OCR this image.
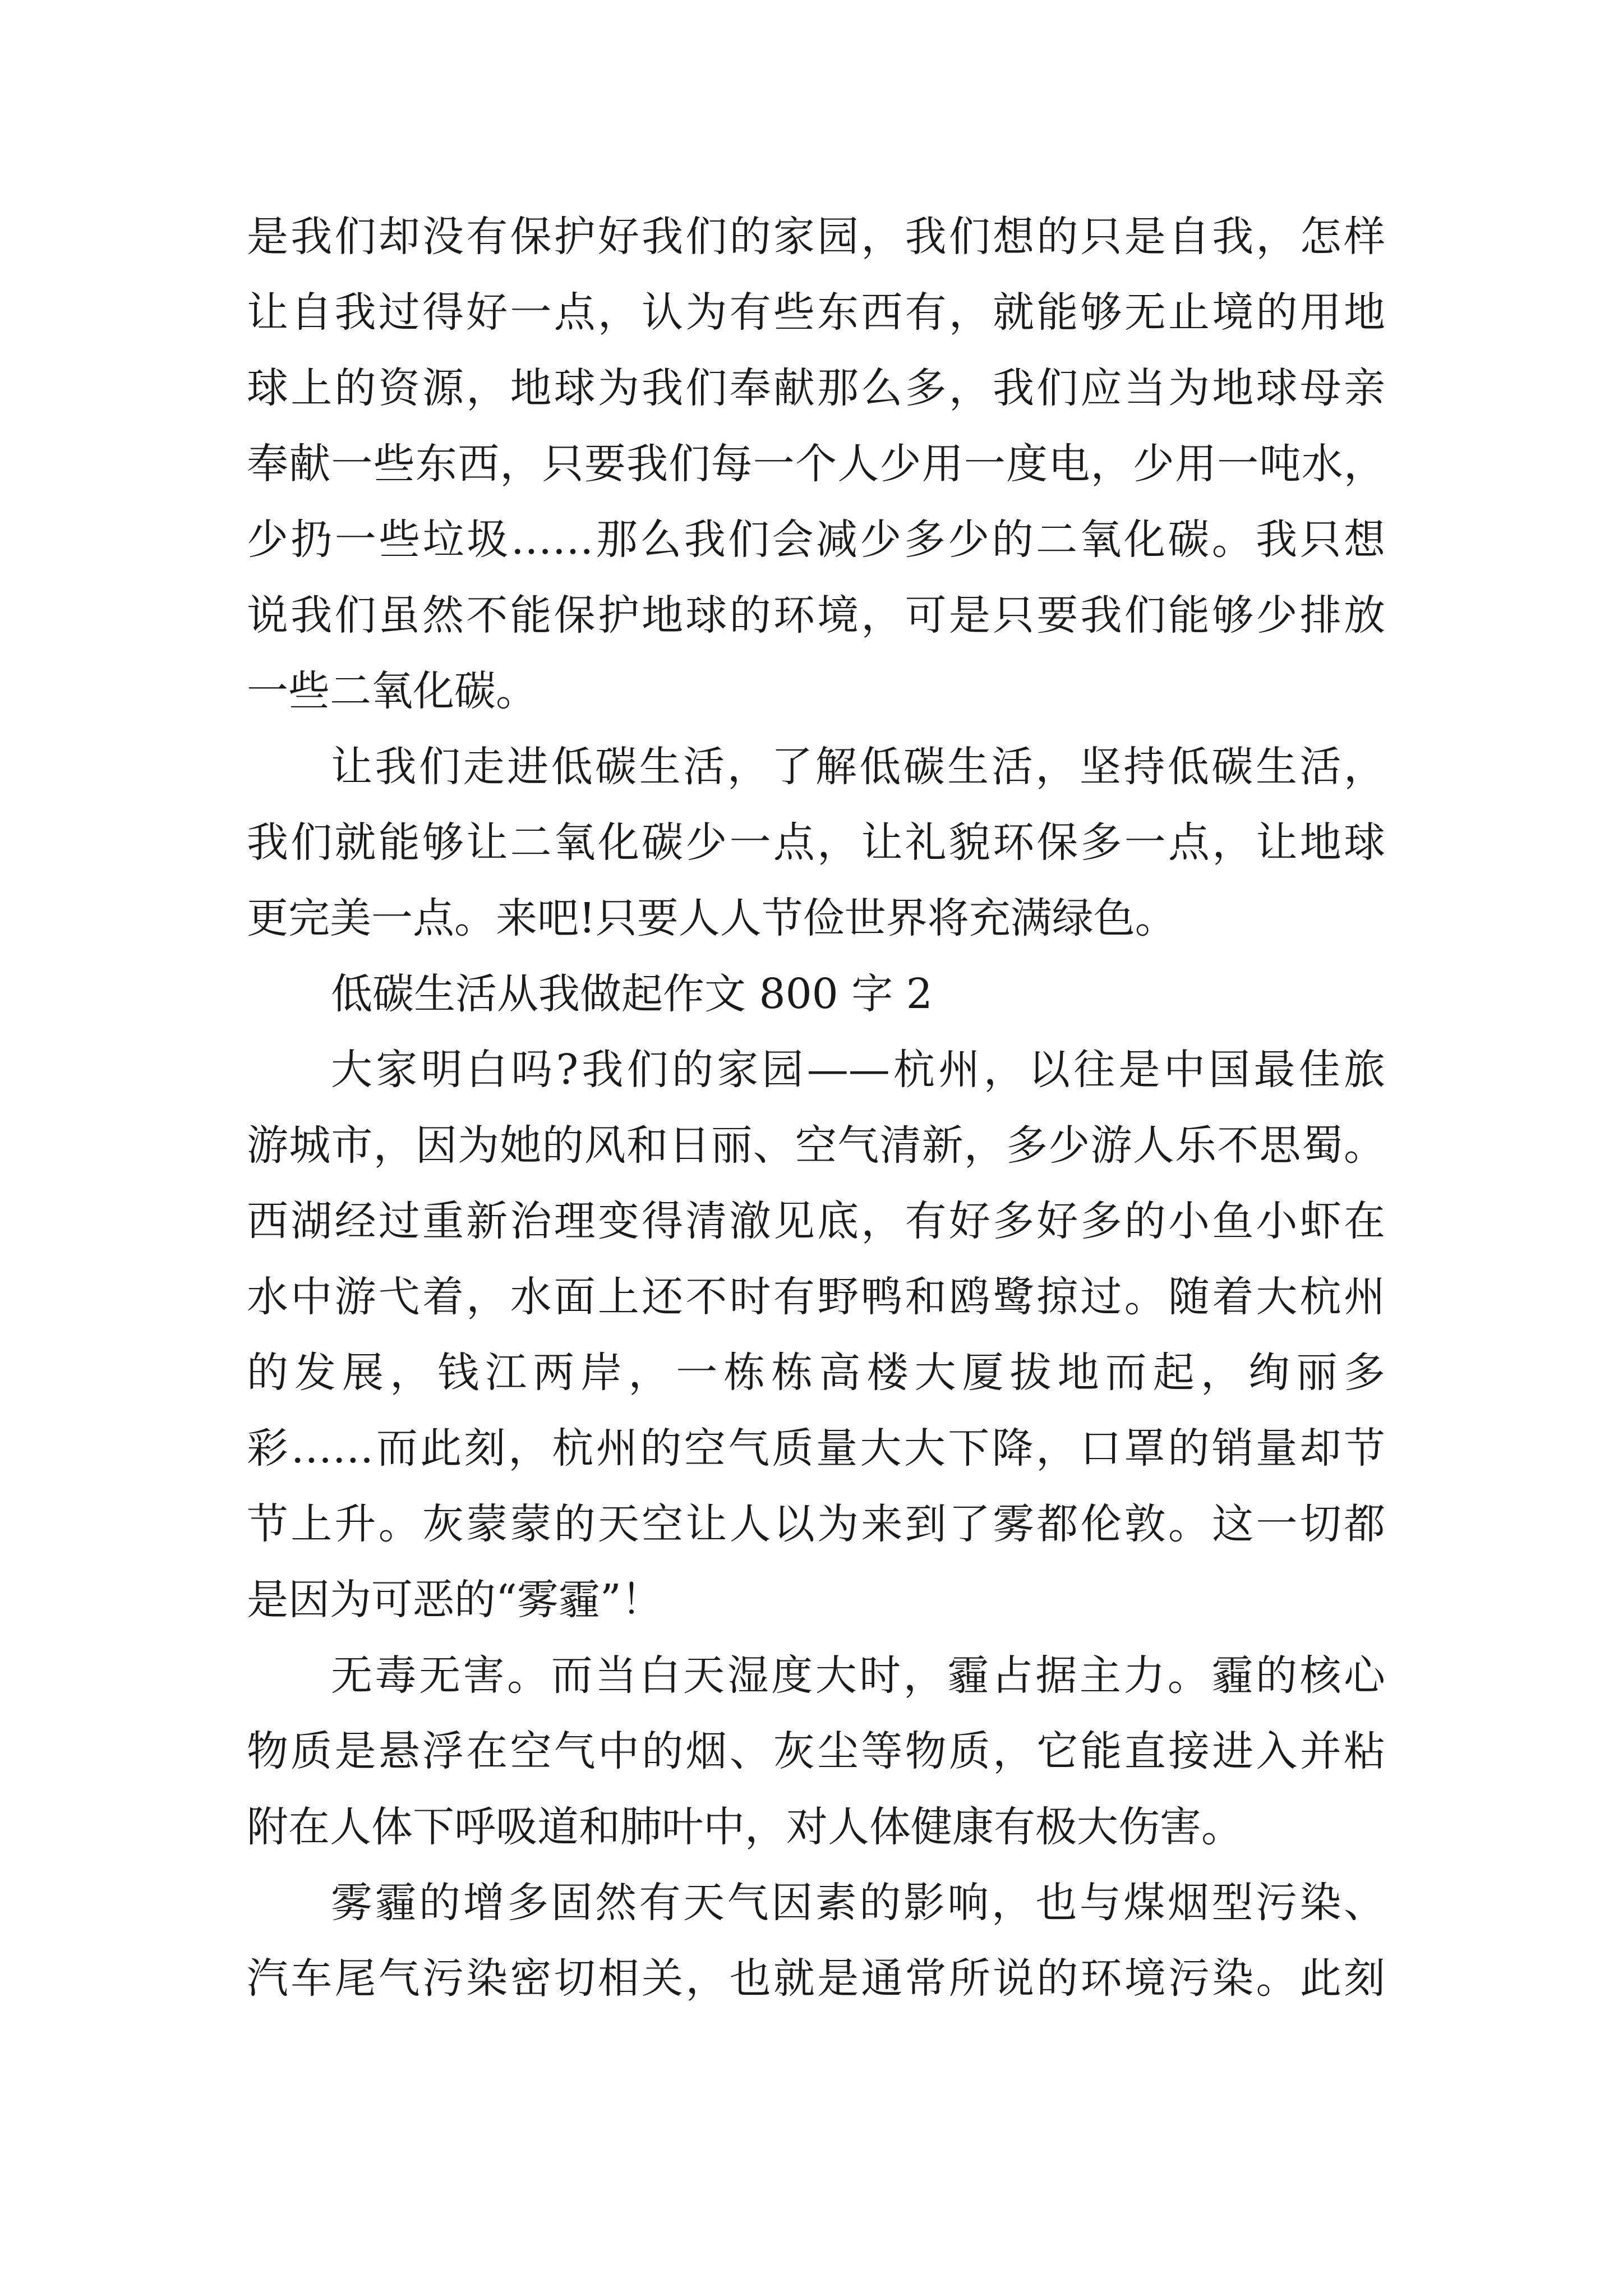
是我们却没有保护好我们的家园，我们想的只是自我，怎样
让自我过得好一点，认为有些东西有，就能够无止境的用地
球上的资源，地球为我们奉献那么多，我们应当为地球母亲
奉献一些东西，只要我们每一个人少用一度电，少用一吨水，
少扔一些垃圾……那么我们会减少多少的二氧化碳。我只想
说我们虽然不能保护地球的环境，可是只要我们能够少排放
一些二氧化碳。
让我们走进低碳生活，了解低碳生活，坚持低碳生活，
我们就能够让二氧化碳少一点，让礼貌环保多一点，让地球
更完美一点。来吧!只要人人节俭世界将充满绿色。
低碳生活从我做起作文 800 字 2
大家明白吗?我们的家园——杭州，以往是中国最佳旅
游城市，因为她的风和日丽、空气清新，多少游人乐不思蜀。
西湖经过重新治理变得清澈见底，有好多好多的小鱼小虾在
水中游弋着，水面上还不时有野鸭和鸥鹭掠过。随着大杭州
的发展，钱江两岸，一栋栋高楼大厦拔地而起，绚丽多
彩……而此刻，杭州的空气质量大大下降，口罩的销量却节
节上升。灰蒙蒙的天空让人以为来到了雾都伦敦。这一切都
是因为可恶的“雾霾”！
无毒无害。而当白天湿度大时，霾占据主力。霾的核心
物质是悬浮在空气中的烟、灰尘等物质，它能直接进入并粘
附在人体下呼吸道和肺叶中，对人体健康有极大伤害。
雾霾的增多固然有天气因素的影响，也与煤烟型污染、
汽车尾气污染密切相关，也就是通常所说的环境污染。此刻
